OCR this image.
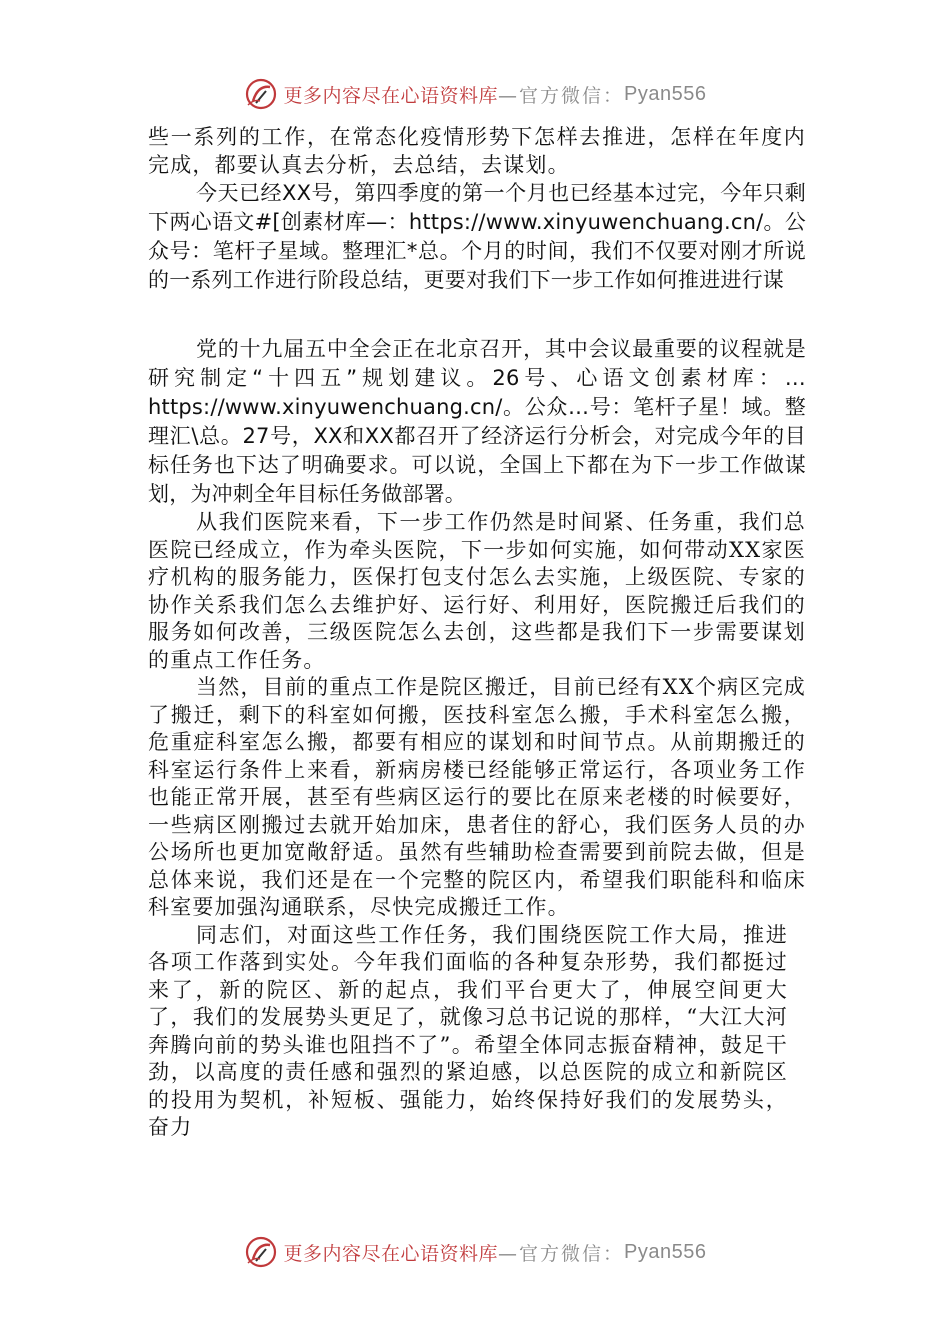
更多内容尽在心语资料库 —官方微信： Pyan556

些一系列的工作，在常态化疫情形势下怎样去推进，怎样在年度内完成，都要认真去分析，去总结，去谋划。

今天已经XX号，第四季度的第一个月也已经基本过完，今年只剩下两心语文#[创素材库—：https://www.xinyuwenchuang.cn/。公众号：笔杆子星域。整理汇*总。个月的时间，我们不仅要对刚才所说的一系列工作进行阶段总结，更要对我们下一步工作如何推进进行谋

党的十九届五中全会正在北京召开，其中会议最重要的议程就是研究制定“十四五”规划建议。26号、心语文创素材库：…https://www.xinyuwenchuang.cn/。公众…号：笔杆子星！域。整理汇\总。27号，XX和XX都召开了经济运行分析会，对完成今年的目标任务也下达了明确要求。可以说，全国上下都在为下一步工作做谋划，为冲刺全年目标任务做部署。

从我们医院来看，下一步工作仍然是时间紧、任务重，我们总医院已经成立，作为牵头医院，下一步如何实施，如何带动XX家医疗机构的服务能力，医保打包支付怎么去实施，上级医院、专家的协作关系我们怎么去维护好、运行好、利用好，医院搬迁后我们的服务如何改善，三级医院怎么去创，这些都是我们下一步需要谋划的重点工作任务。

当然，目前的重点工作是院区搬迁，目前已经有XX个病区完成了搬迁，剩下的科室如何搬，医技科室怎么搬，手术科室怎么搬，危重症科室怎么搬，都要有相应的谋划和时间节点。从前期搬迁的科室运行条件上来看，新病房楼已经能够正常运行，各项业务工作也能正常开展，甚至有些病区运行的要比在原来老楼的时候要好，一些病区刚搬过去就开始加床，患者住的舒心，我们医务人员的办公场所也更加宽敞舒适。虽然有些辅助检查需要到前院去做，但是总体来说，我们还是在一个完整的院区内，希望我们职能科和临床科室要加强沟通联系，尽快完成搬迁工作。

同志们，对面这些工作任务，我们围绕医院工作大局，推进各项工作落到实处。今年我们面临的各种复杂形势，我们都挺过来了，新的院区、新的起点，我们平台更大了，伸展空间更大了，我们的发展势头更足了，就像习总书记说的那样，“大江大河奔腾向前的势头谁也阻挡不了”。希望全体同志振奋精神，鼓足干劲，以高度的责任感和强烈的紧迫感，以总医院的成立和新院区的投用为契机，补短板、强能力，始终保持好我们的发展势头，奋力

更多内容尽在心语资料库 —官方微信： Pyan556
